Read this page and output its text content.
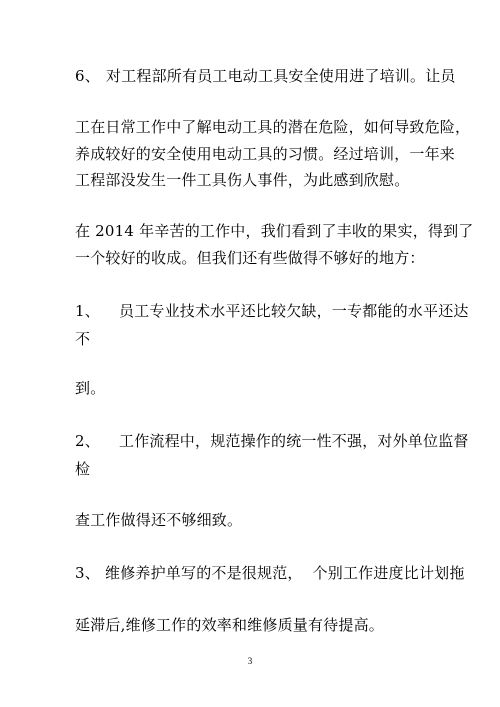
6、 对工程部所有员工电动工具安全使用进了培训。让员
工在日常工作中了解电动工具的潜在危险，如何导致危险，
养成较好的安全使用电动工具的习惯。经过培训，一年来
工程部没发生一件工具伤人事件，为此感到欣慰。
在 2014 年辛苦的工作中，我们看到了丰收的果实，得到了
一个较好的收成。但我们还有些做得不够好的地方：
1、 员工专业技术水平还比较欠缺，一专都能的水平还达
不
到。
2、 工作流程中，规范操作的统一性不强，对外单位监督
检
查工作做得还不够细致。
3、 维修养护单写的不是很规范，  个别工作进度比计划拖
延滞后,维修工作的效率和维修质量有待提高。
3
